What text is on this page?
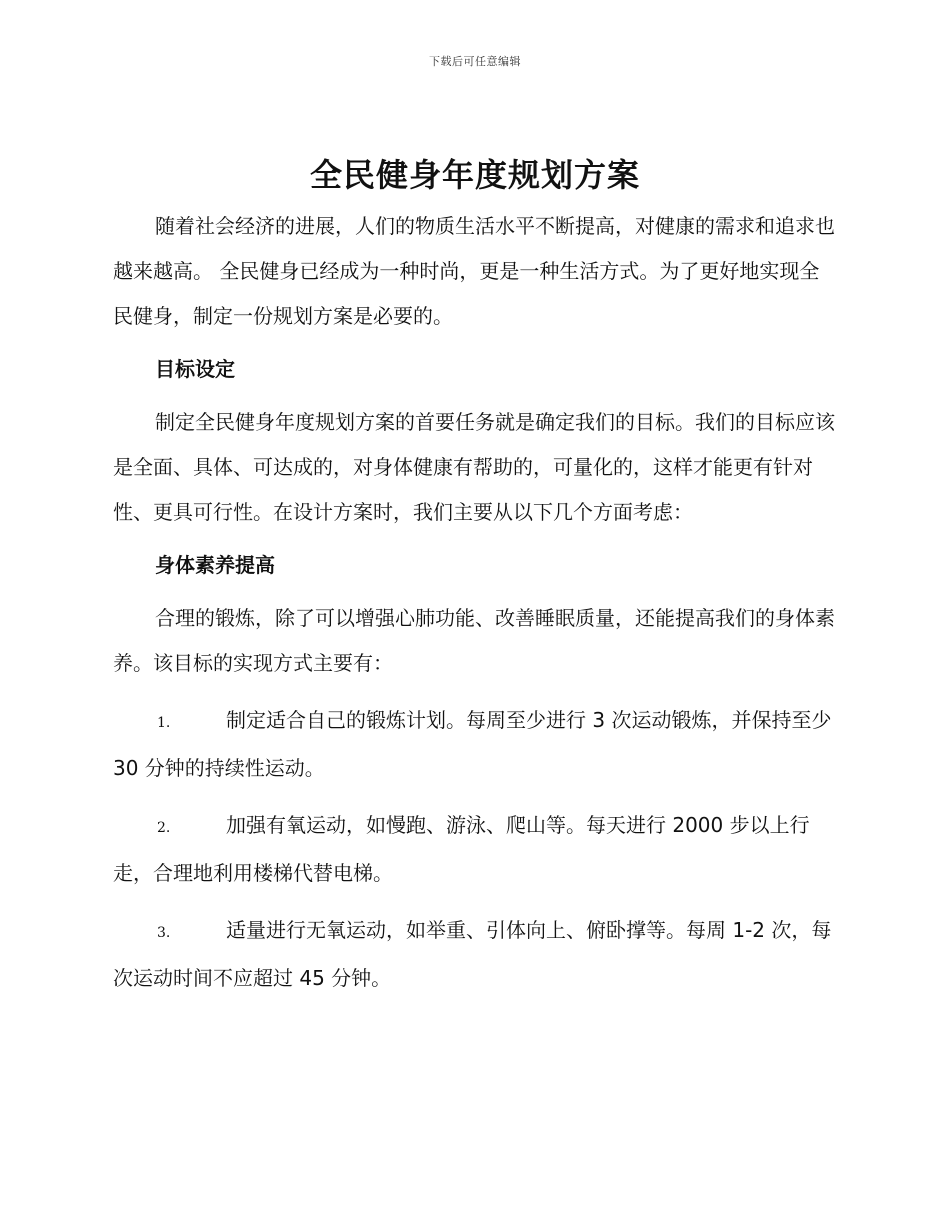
下载后可任意编辑
全民健身年度规划方案

随着社会经济的进展，人们的物质生活水平不断提高，对健康的需求和追求也越来越高。 全民健身已经成为一种时尚，更是一种生活方式。为了更好地实现全民健身，制定一份规划方案是必要的。

目标设定

制定全民健身年度规划方案的首要任务就是确定我们的目标。我们的目标应该是全面、具体、可达成的，对身体健康有帮助的，可量化的，这样才能更有针对性、更具可行性。在设计方案时，我们主要从以下几个方面考虑：

身体素养提高

合理的锻炼，除了可以增强心肺功能、改善睡眠质量，还能提高我们的身体素养。该目标的实现方式主要有：

1.	制定适合自己的锻炼计划。每周至少进行 3 次运动锻炼，并保持至少 30 分钟的持续性运动。

2.	加强有氧运动，如慢跑、游泳、爬山等。每天进行 2000 步以上行走，合理地利用楼梯代替电梯。

3.	适量进行无氧运动，如举重、引体向上、俯卧撑等。每周 1-2 次，每次运动时间不应超过 45 分钟。
